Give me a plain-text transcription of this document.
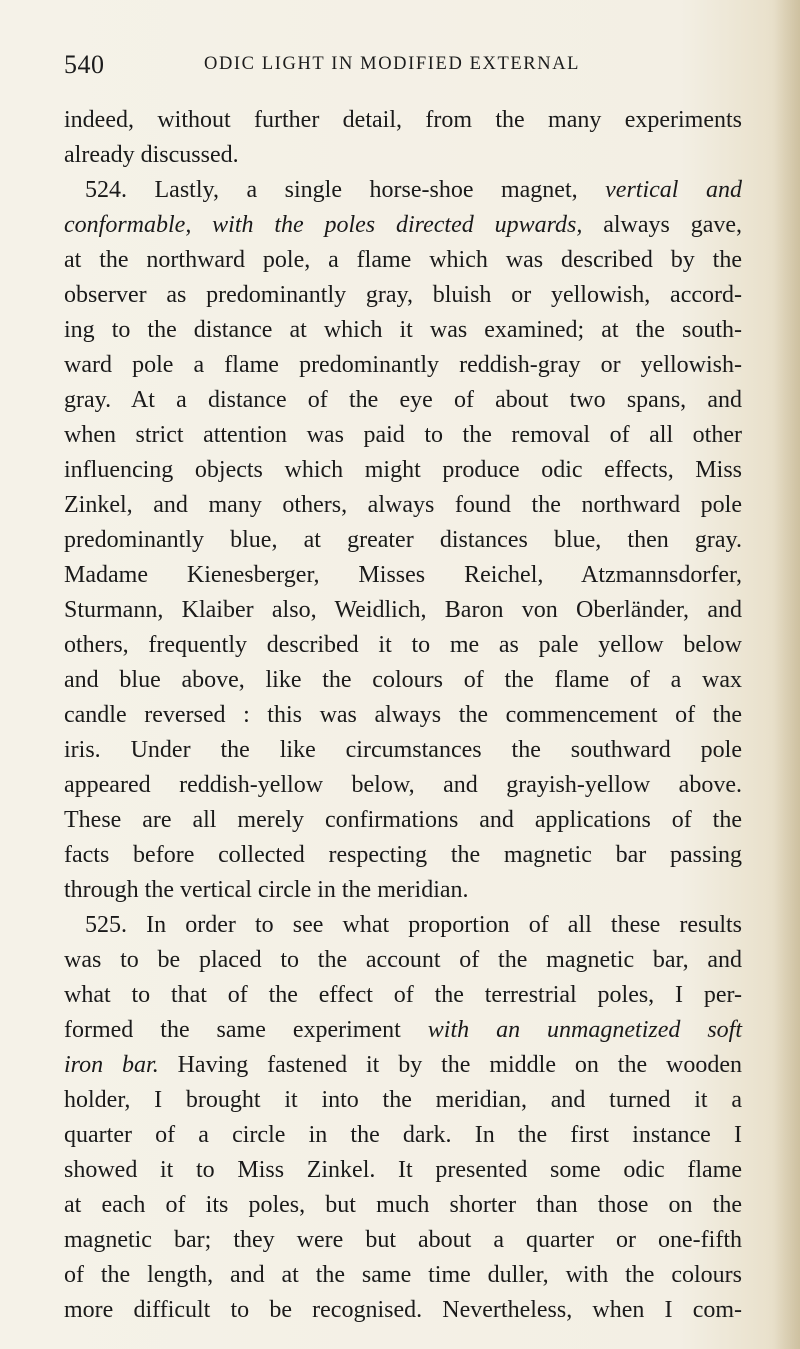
540	ODIC LIGHT IN MODIFIED EXTERNAL
indeed, without further detail, from the many experiments
already discussed.
524. Lastly, a single horse-shoe magnet, vertical and
conformable, with the poles directed upwards, always gave,
at the northward pole, a flame which was described by the
observer as predominantly gray, bluish or yellowish, accord-
ing to the distance at which it was examined; at the south-
ward pole a flame predominantly reddish-gray or yellowish-
gray. At a distance of the eye of about two spans, and
when strict attention was paid to the removal of all other
influencing objects which might produce odic effects, Miss
Zinkel, and many others, always found the northward pole
predominantly blue, at greater distances blue, then gray.
Madame Kienesberger, Misses Reichel, Atzmannsdorfer,
Sturmann, Klaiber also, Weidlich, Baron von Oberländer, and
others, frequently described it to me as pale yellow below
and blue above, like the colours of the flame of a wax
candle reversed : this was always the commencement of the
iris. Under the like circumstances the southward pole
appeared reddish-yellow below, and grayish-yellow above.
These are all merely confirmations and applications of the
facts before collected respecting the magnetic bar passing
through the vertical circle in the meridian.
525. In order to see what proportion of all these results
was to be placed to the account of the magnetic bar, and
what to that of the effect of the terrestrial poles, I per-
formed the same experiment with an unmagnetized soft
iron bar. Having fastened it by the middle on the wooden
holder, I brought it into the meridian, and turned it a
quarter of a circle in the dark. In the first instance I
showed it to Miss Zinkel. It presented some odic flame
at each of its poles, but much shorter than those on the
magnetic bar; they were but about a quarter or one-fifth
of the length, and at the same time duller, with the colours
more difficult to be recognised. Nevertheless, when I com-
